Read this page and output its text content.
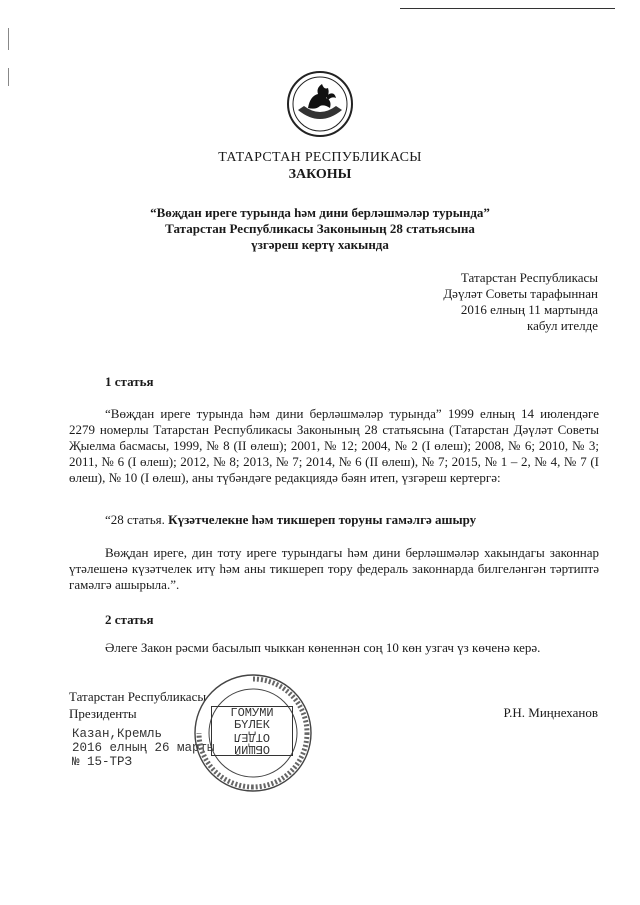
ТАТАРСТАН РЕСПУБЛИКАСЫ
ЗАКОНЫ
“Вөҗдан иреге турында һәм дини берләшмәләр турында”
Татарстан Республикасы Законының 28 статьясына
үзгәреш кертү хакында
Татарстан Республикасы
Дәүләт Советы тарафыннан
2016 елның 11 мартында
кабул ителде
1 статья
“Вөҗдан иреге турында һәм дини берләшмәләр турында” 1999 елның 14 июлендәге 2279 номерлы Татарстан Республикасы Законының 28 статьясына (Татарстан Дәүләт Советы Җыелма басмасы, 1999, № 8 (II өлеш); 2001, № 12; 2004, № 2 (I өлеш); 2008, № 6; 2010, № 3; 2011, № 6 (I өлеш); 2012, № 8; 2013, № 7; 2014, № 6 (II өлеш), № 7; 2015, № 1 – 2, № 4, № 7 (I өлеш), № 10 (I өлеш), аны түбәндәге редакциядә бәян итеп, үзгәреш кертергә:
“28 статья. Күзәтчелекне һәм тикшереп торуны гамәлгә ашыру
Вөҗдан иреге, дин тоту иреге турындагы һәм дини берләшмәләр хакындагы законнар үтәлешенә күзәтчелек итү һәм аны тикшереп тору федераль законнарда билгеләнгән тәртиптә гамәлгә ашырыла.”.
2 статья
Әлеге Закон рәсми басылып чыккан көненнән соң 10 көн узгач үз көченә керә.
Татарстан Республикасы
Президенты	Р.Н. Миңнеханов
Казан,Кремль
2016 елның 26 марты
№ 15-ТРЗ
ГОМУМИ
БҮЛЕК
ОБЩИЙ
ОТДЕЛ
